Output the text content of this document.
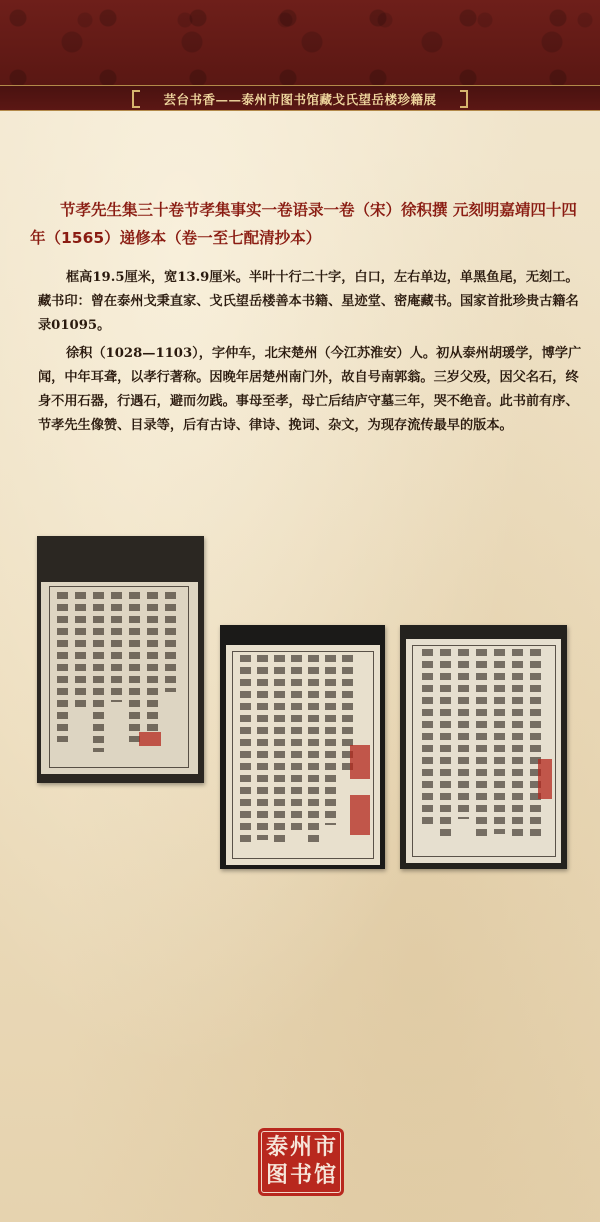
芸台书香——泰州市图书馆藏戈氏望岳楼珍籍展
节孝先生集三十卷节孝集事实一卷语录一卷（宋）徐积撰 元刻明嘉靖四十四年（1565）递修本（卷一至七配清抄本）
框高19.5厘米，宽13.9厘米。半叶十行二十字，白口，左右单边，单黑鱼尾，无刻工。藏书印：曾在泰州戈秉直家、戈氏望岳楼善本书籍、星迹堂、密庵藏书。国家首批珍贵古籍名录01095。
徐积（1028—1103），字仲车，北宋楚州（今江苏淮安）人。初从泰州胡瑗学，博学广闻，中年耳聋，以孝行著称。因晚年居楚州南门外，故自号南郭翁。三岁父殁，因父名石，终身不用石器，行遇石，避而勿践。事母至孝，母亡后结庐守墓三年，哭不绝音。此书前有序、节孝先生像赞、目录等，后有古诗、律诗、挽词、杂文，为现存流传最早的版本。
泰 州 市
图 书 馆
